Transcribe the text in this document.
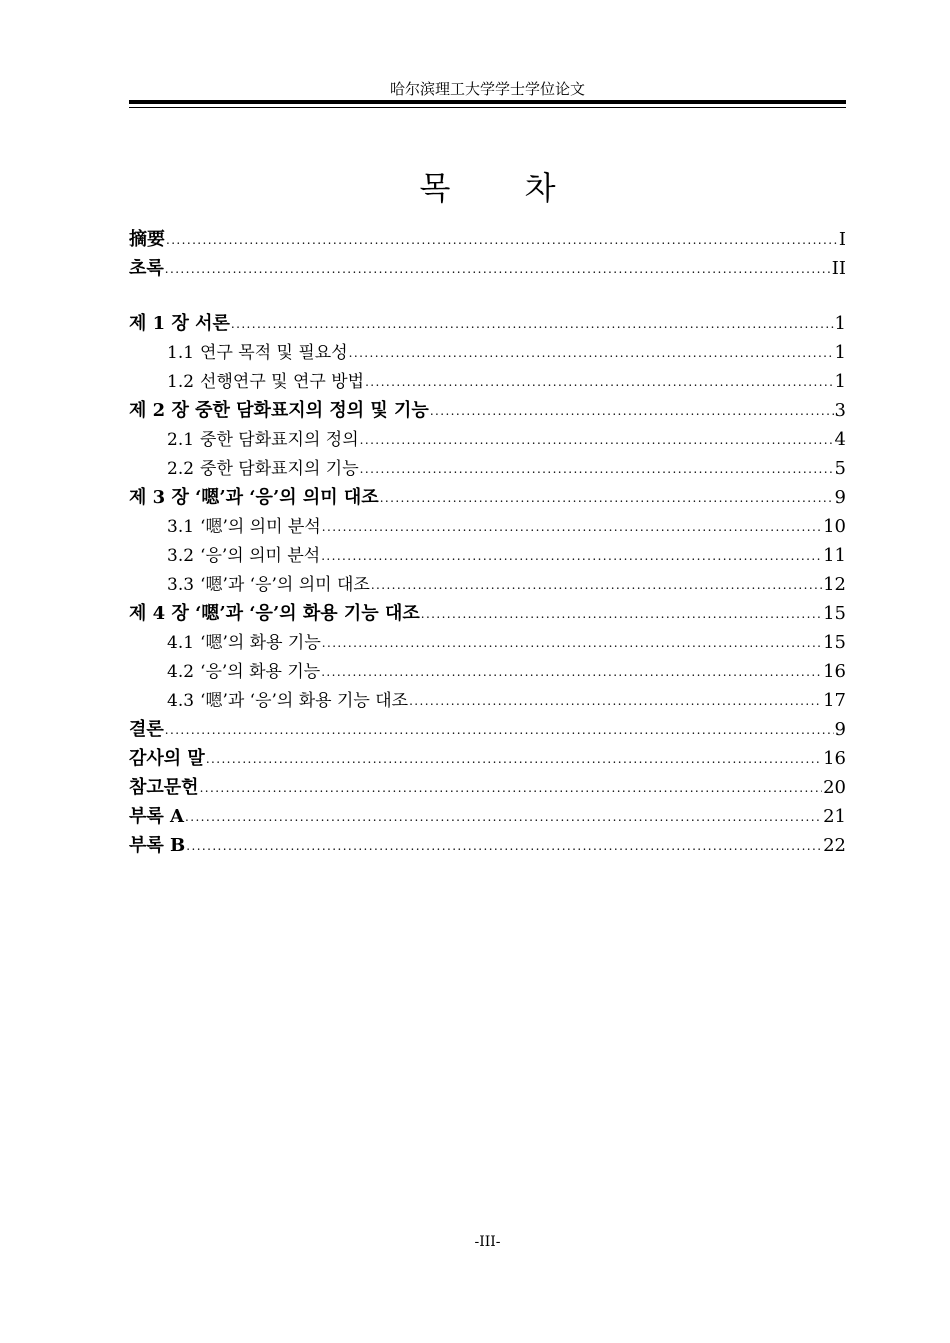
哈尔滨理工大学学士学位论文
목 차
摘要 .....	I
초록 .....	II
제 1 장 서론 .....	1
1.1 연구 목적 및 필요성 .....	1
1.2 선행연구 및 연구 방법 .....	1
제 2 장 중한 담화표지의 정의 및 기능 .....	3
2.1 중한 담화표지의 정의 .....	4
2.2 중한 담화표지의 기능 .....	5
제 3 장 ‘嗯’과 ‘응’의 의미 대조 .....	9
3.1 ‘嗯’의 의미 분석 .....	10
3.2 ‘응’의 의미 분석 .....	11
3.3 ‘嗯’과 ‘응’의 의미 대조 .....	12
제 4 장 ‘嗯’과 ‘응’의 화용 기능 대조 .....	15
4.1 ‘嗯’의 화용 기능 .....	15
4.2 ‘응’의 화용 기능 .....	16
4.3 ‘嗯’과 ‘응’의 화용 기능 대조 .....	17
결론 .....	9
감사의 말 .....	16
참고문헌 .....	20
부록 A .....	21
부록 B .....	22
-III-
